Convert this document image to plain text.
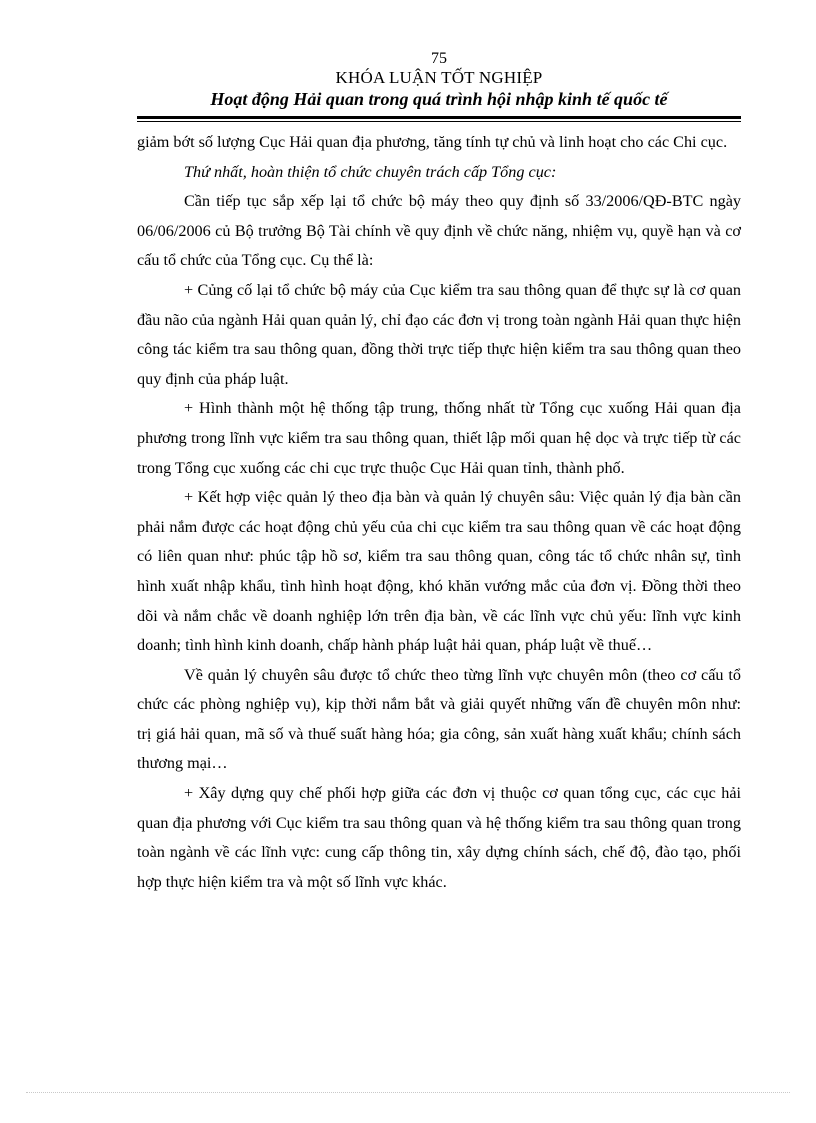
75
KHÓA LUẬN TỐT NGHIỆP
Hoạt động Hải quan trong quá trình hội nhập kinh tế quốc tế

giảm bớt số lượng Cục Hải quan địa phương, tăng tính tự chủ và linh hoạt cho các Chi cục.

Thứ nhất, hoàn thiện tổ chức chuyên trách cấp Tổng cục:

Cần tiếp tục sắp xếp lại tổ chức bộ máy theo quy định số 33/2006/QĐ-BTC ngày 06/06/2006 củ Bộ trưởng Bộ Tài chính về quy định về chức năng, nhiệm vụ, quyề hạn và cơ cấu tổ chức của Tổng cục. Cụ thể là:

+ Củng cố lại tổ chức bộ máy của Cục kiểm tra sau thông quan để thực sự là cơ quan đầu não của ngành Hải quan quản lý, chỉ đạo các đơn vị trong toàn ngành Hải quan thực hiện công tác kiểm tra sau thông quan, đồng thời trực tiếp thực hiện kiểm tra sau thông quan theo quy định của pháp luật.

+ Hình thành một hệ thống tập trung, thống nhất từ Tổng cục xuống Hải quan địa phương trong lĩnh vực kiểm tra sau thông quan, thiết lập mối quan hệ dọc và trực tiếp từ các trong Tổng cục xuống các chi cục trực thuộc Cục Hải quan tỉnh, thành phố.

+ Kết hợp việc quản lý theo địa bàn và quản lý chuyên sâu: Việc quản lý địa bàn cần phải nắm được các hoạt động chủ yếu của chi cục kiểm tra sau thông quan về các hoạt động có liên quan như: phúc tập hồ sơ, kiểm tra sau thông quan, công tác tổ chức nhân sự, tình hình xuất nhập khẩu, tình hình hoạt động, khó khăn vướng mắc của đơn vị. Đồng thời theo dõi và nắm chắc về doanh nghiệp lớn trên địa bàn, về các lĩnh vực chủ yếu: lĩnh vực kinh doanh; tình hình kinh doanh, chấp hành pháp luật hải quan, pháp luật về thuế…

Về quản lý chuyên sâu được tổ chức theo từng lĩnh vực chuyên môn (theo cơ cấu tổ chức các phòng nghiệp vụ), kịp thời nắm bắt và giải quyết những vấn đề chuyên môn như: trị giá hải quan, mã số và thuế suất hàng hóa; gia công, sản xuất hàng xuất khẩu; chính sách thương mại…

+ Xây dựng quy chế phối hợp giữa các đơn vị thuộc cơ quan tổng cục, các cục hải quan địa phương với Cục kiểm tra sau thông quan và hệ thống kiểm tra sau thông quan trong toàn ngành về các lĩnh vực: cung cấp thông tin, xây dựng chính sách, chế độ, đào tạo, phối hợp thực hiện kiểm tra và một số lĩnh vực khác.
